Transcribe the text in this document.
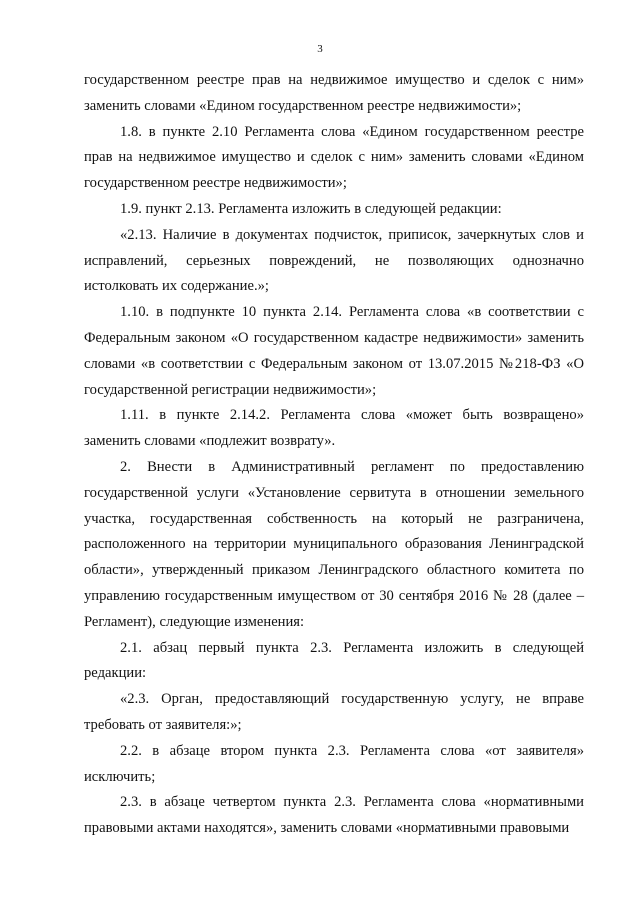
3

государственном реестре прав на недвижимое имущество и сделок с ним» заменить словами «Едином государственном реестре недвижимости»;

1.8. в пункте 2.10 Регламента слова «Едином государственном реестре прав на недвижимое имущество и сделок с ним» заменить словами «Едином государственном реестре недвижимости»;

1.9. пункт 2.13. Регламента изложить в следующей редакции:

«2.13. Наличие в документах подчисток, приписок, зачеркнутых слов и исправлений, серьезных повреждений, не позволяющих однозначно истолковать их содержание.»;

1.10. в подпункте 10 пункта 2.14. Регламента слова «в соответствии с Федеральным законом «О государственном кадастре недвижимости» заменить словами «в соответствии с Федеральным законом от 13.07.2015 №218-ФЗ «О государственной регистрации недвижимости»;

1.11. в пункте 2.14.2. Регламента слова «может быть возвращено» заменить словами «подлежит возврату».

2. Внести в Административный регламент по предоставлению государственной услуги «Установление сервитута в отношении земельного участка, государственная собственность на который не разграничена, расположенного на территории муниципального образования Ленинградской области», утвержденный приказом Ленинградского областного комитета по управлению государственным имуществом от 30 сентября 2016 № 28 (далее – Регламент), следующие изменения:

2.1. абзац первый пункта 2.3. Регламента изложить в следующей редакции:

«2.3. Орган, предоставляющий государственную услугу, не вправе требовать от заявителя:»;

2.2. в абзаце втором пункта 2.3. Регламента слова «от заявителя» исключить;

2.3. в абзаце четвертом пункта 2.3. Регламента слова «нормативными правовыми актами находятся», заменить словами «нормативными правовыми
